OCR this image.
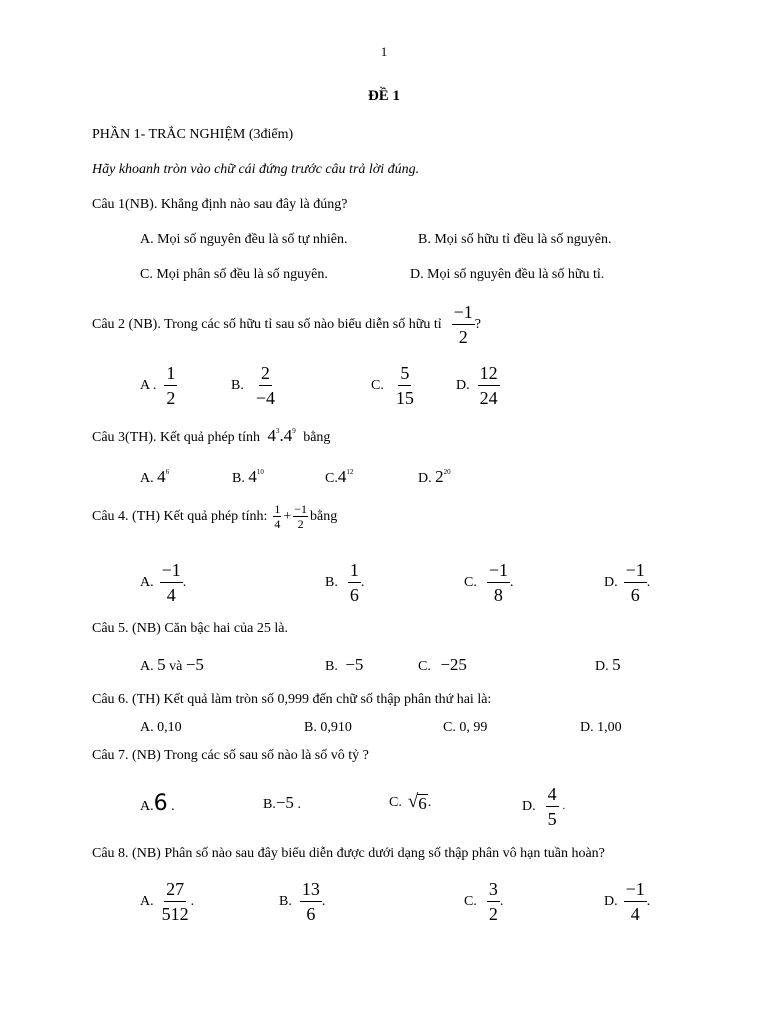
1
ĐỀ 1
PHẦN 1- TRẮC NGHIỆM (3điểm)
Hãy khoanh tròn vào chữ cái đứng trước câu trả lời đúng.
Câu 1(NB). Khẳng định nào sau đây là đúng?
A. Mọi số nguyên đều là số tự nhiên.	B. Mọi số hữu tỉ đều là số nguyên.
C. Mọi phân số đều là số nguyên.	D. Mọi số nguyên đều là số hữu tỉ.
Câu 2 (NB). Trong các số hữu tỉ sau số nào biểu diễn số hữu tỉ $\frac{-1}{2}$ ?
A . $\frac{1}{2}$	B. $\frac{2}{-4}$	C. $\frac{5}{15}$	D. $\frac{12}{24}$
Câu 3(TH). Kết quả phép tính $4^3.4^9$ bằng
A. $4^6$	B. $4^{10}$	$C.4^{12}$	D. $2^{20}$
Câu 4. (TH) Kết quả phép tính: $\frac{1}{4} + \frac{-1}{2}$ bằng
A. $\frac{-1}{4}$ .	B. $\frac{1}{6}$ .	C. $\frac{-1}{8}$ .	D. $\frac{-1}{6}$ .
Câu 5. (NB) Căn bậc hai của 25 là.
A. 5 và −5	B. −5	C. −25	D. 5
Câu 6. (TH) Kết quả làm tròn số 0,999 đến chữ số thập phân thứ hai là:
A. 0,10	B. 0,910	C. 0, 99	D. 1,00
Câu 7. (NB) Trong các số sau số nào là số vô tỷ ?
A.6 .	B.−5 .	C. √ 6 .	D. $\frac{4}{5}$ .
Câu 8. (NB) Phân số nào sau đây biểu diễn được dưới dạng số thập phân vô hạn tuần hoàn?
A. $\frac{27}{512}$ .	B. $\frac{13}{6}$ .	C. $\frac{3}{2}$ .	D. $\frac{-1}{4}$ .
